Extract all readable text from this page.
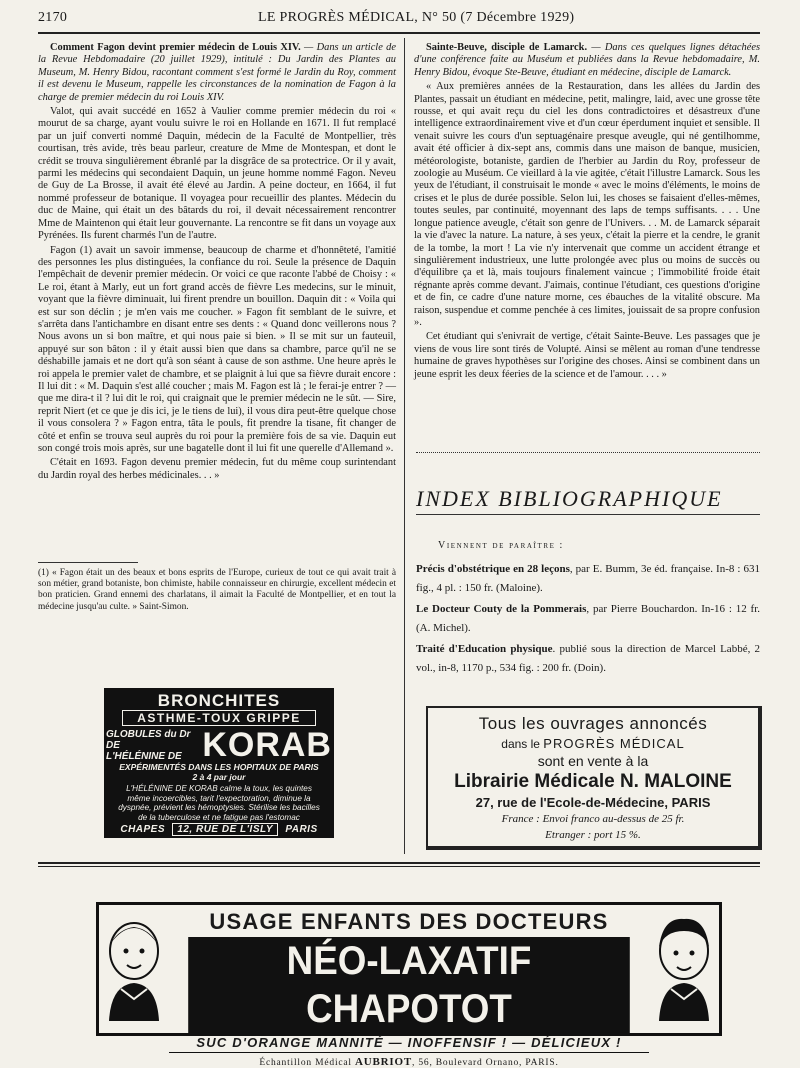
2170	LE PROGRÈS MÉDICAL, N° 50 (7 Décembre 1929)

Comment Fagon devint premier médecin de Louis XIV. — Dans un article de la Revue Hebdomadaire (20 juillet 1929), intitulé : Du Jardin des Plantes au Museum, M. Henry Bidou, racontant comment s'est formé le Jardin du Roy, comment il est devenu le Museum, rappelle les circonstances de la nomination de Fagon à la charge de premier médecin du roi Louis XIV.

Valot, qui avait succédé en 1652 à Vaulier comme premier médecin du roi « mourut de sa charge, ayant voulu suivre le roi en Hollande en 1671. Il fut remplacé par un juif converti nommé Daquin, médecin de la Faculté de Montpellier, très courtisan, très avide, très beau parleur, creature de Mme de Montespan, et dont le crédit se trouva singulièrement ébranlé par la disgrâce de sa protectrice. Or il y avait, parmi les médecins qui secondaient Daquin, un jeune homme nommé Fagon. Neveu de Guy de La Brosse, il avait été élevé au Jardin. A peine docteur, en 1664, il fut nommé professeur de botanique. Il voyagea pour recueillir des plantes. Médecin du duc de Maine, qui était un des bâtards du roi, il devait nécessairement rencontrer Mme de Maintenon qui était leur gouvernante. La rencontre se fit dans un voyage aux Pyrénées. Ils furent charmés l'un de l'autre.

Fagon (1) avait un savoir immense, beaucoup de charme et d'honnêteté, l'amitié des personnes les plus distinguées, la confiance du roi. Seule la présence de Daquin l'empêchait de devenir premier médecin. Or voici ce que raconte l'abbé de Choisy : « Le roi, étant à Marly, eut un fort grand accès de fièvre Les medecins, sur le minuit, voyant que la fièvre diminuait, lui firent prendre un bouillon. Daquin dit : « Voila qui est sur son déclin ; je m'en vais me coucher. » Fagon fit semblant de le suivre, et s'arrêta dans l'antichambre en disant entre ses dents : « Quand donc veillerons nous ? Nous avons un si bon maître, et qui nous paie si bien. » Il se mit sur un fauteuil, appuyé sur son bâton : il y était aussi bien que dans sa chambre, parce qu'il ne se déshabille jamais et ne dort qu'à son séant à cause de son asthme. Une heure après le roi appela le premier valet de chambre, et se plaignit à lui que sa fièvre durait encore : Il lui dit : « M. Daquin s'est allé coucher ; mais M. Fagon est là ; le ferai-je entrer ? — que me dira-t il ? lui dit le roi, qui craignait que le premier médecin ne le sût. — Sire, reprit Niert (et ce que je dis ici, je le tiens de lui), il vous dira peut-être quelque chose il vous consolera ? » Fagon entra, tâta le pouls, fit prendre la tisane, fit changer de côté et enfin se trouva seul auprès du roi pour la première fois de sa vie. Daquin eut son congé trois mois après, sur une bagatelle dont il lui fit une querelle d'Allemand ».

C'était en 1693. Fagon devenu premier médecin, fut du même coup surintendant du Jardin royal des herbes médicinales. . . »

(1) « Fagon était un des beaux et bons esprits de l'Europe, curieux de tout ce qui avait trait à son métier, grand botaniste, bon chimiste, habile connaisseur en chirurgie, excellent médecin et bon praticien. Grand ennemi des charlatans, il aimait la Faculté de Montpellier, et en tout la médecine jusqu'au culte. » Saint-Simon.
BRONCHITES
ASTHME-TOUX GRIPPE
GLOBULES du Dr DE
L'HÉLÉNINE DE KORAB
EXPÉRIMENTÉS DANS LES HOPITAUX DE PARIS
2 à 4 par jour
L'HÉLÉNINE DE KORAB calme la toux, les quintes même incoercibles, tarit l'expectoration, diminue la dyspnée, prévient les hémoptysies. Stérilise les bacilles de la tuberculose et ne fatigue pas l'estomac
CHAPES 12, RUE DE L'ISLY PARIS

Sainte-Beuve, disciple de Lamarck. — Dans ces quelques lignes détachées d'une conférence faite au Muséum et publiées dans la Revue hebdomadaire, M. Henry Bidou, évoque Ste-Beuve, étudiant en médecine, disciple de Lamarck.

« Aux premières années de la Restauration, dans les allées du Jardin des Plantes, passait un étudiant en médecine, petit, malingre, laid, avec une grosse tête rousse, et qui avait reçu du ciel les dons contradictoires et désastreux d'une intelligence extraordinairement vive et d'un cœur éperdument inquiet et sensible. Il venait suivre les cours d'un septuagénaire presque aveugle, qui né gentilhomme, avait été officier à dix-sept ans, commis dans une maison de banque, musicien, météorologiste, botaniste, gardien de l'herbier au Jardin du Roy, professeur de zoologie au Muséum. Ce vieillard à la vie agitée, c'était l'illustre Lamarck. Sous les yeux de l'étudiant, il construisait le monde « avec le moins d'éléments, le moins de crises et le plus de durée possible. Selon lui, les choses se faisaient d'elles-mêmes, toutes seules, par continuité, moyennant des laps de temps suffisants. . . . Une longue patience aveugle, c'était son genre de l'Univers. . . M. de Lamarck séparait la vie d'avec la nature. La nature, à ses yeux, c'était la pierre et la cendre, le granit de la tombe, la mort ! La vie n'y intervenait que comme un accident étrange et singulièrement industrieux, une lutte prolongée avec plus ou moins de succès ou d'équilibre ça et là, mais toujours finalement vaincue ; l'immobilité froide était régnante après comme devant. J'aimais, continue l'étudiant, ces questions d'origine et de fin, ce cadre d'une nature morne, ces ébauches de la vitalité obscure. Ma raison, suspendue et comme penchée à ces limites, jouissait de sa propre confusion ».

Cet étudiant qui s'enivrait de vertige, c'était Sainte-Beuve. Les passages que je viens de vous lire sont tirés de Volupté. Ainsi se mêlent au roman d'une tendresse humaine de graves hypothèses sur l'origine des choses. Ainsi se combinent dans un jeune esprit les deux féeries de la science et de l'amour. . . . »

INDEX BIBLIOGRAPHIQUE
Viennent de paraître :
Précis d'obstétrique en 28 leçons, par E. Bumm, 3e éd. française. In-8 : 631 fig., 4 pl. : 150 fr. (Maloine).
Le Docteur Couty de la Pommerais, par Pierre Bouchardon. In-16 : 12 fr. (A. Michel).
Traité d'Education physique. publié sous la direction de Marcel Labbé, 2 vol., in-8, 1170 p., 534 fig. : 200 fr. (Doin).
Tous les ouvrages annoncés
dans le PROGRÈS MÉDICAL
sont en vente à la
Librairie Médicale N. MALOINE
27, rue de l'Ecole-de-Médecine, PARIS
France : Envoi franco au-dessus de 25 fr.
Etranger : port 15 %.
USAGE ENFANTS DES DOCTEURS
NÉO-LAXATIF CHAPOTOT
SUC D'ORANGE MANNITÉ — INOFFENSIF ! — DÉLICIEUX !
Échantillon Médical AUBRIOT, 56, Boulevard Ornano, PARIS.
